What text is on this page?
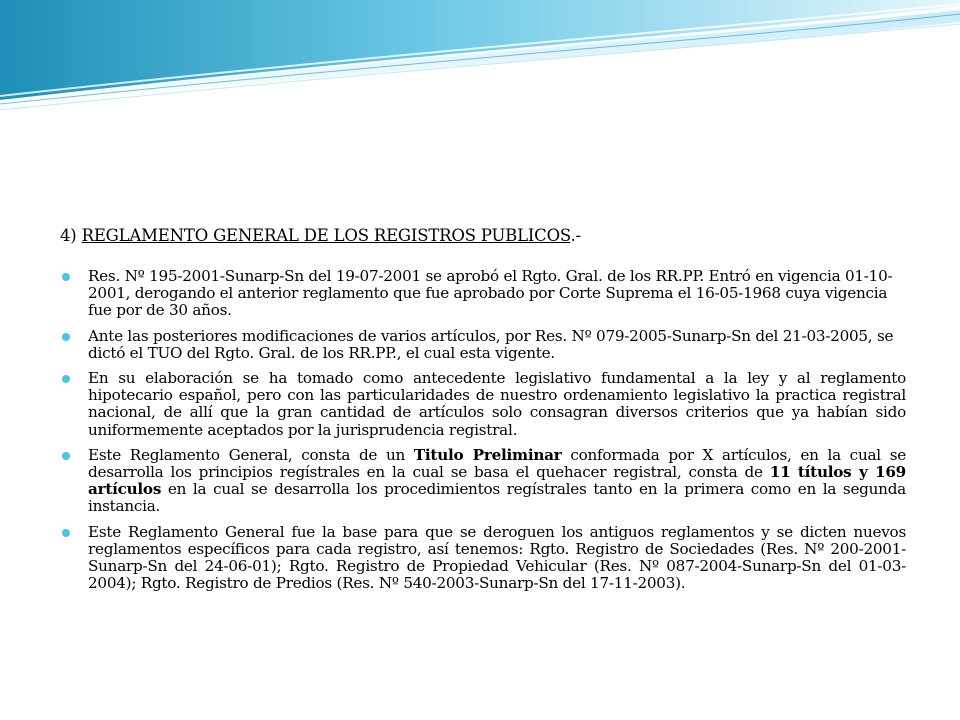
4) REGLAMENTO GENERAL DE LOS REGISTROS PUBLICOS.-
Res. Nº 195-2001-Sunarp-Sn del 19-07-2001 se aprobó el Rgto. Gral. de los RR.PP. Entró en vigencia 01-10-2001, derogando el anterior reglamento que fue aprobado por Corte Suprema el 16-05-1968 cuya vigencia fue por de 30 años.
Ante las posteriores modificaciones de varios artículos, por Res. Nº 079-2005-Sunarp-Sn del 21-03-2005, se dictó el TUO del Rgto. Gral. de los RR.PP., el cual esta vigente.
En su elaboración se ha tomado como antecedente legislativo fundamental a la ley y al reglamento hipotecario español, pero con las particularidades de nuestro ordenamiento legislativo la practica registral nacional, de allí que la gran cantidad de artículos solo consagran diversos criterios que ya habían sido uniformemente aceptados por la jurisprudencia registral.
Este Reglamento General, consta de un Titulo Preliminar conformada por X artículos, en la cual se desarrolla los principios regístrales en la cual se basa el quehacer registral, consta de 11 títulos y 169 artículos en la cual se desarrolla los procedimientos regístrales tanto en la primera como en la segunda instancia.
Este Reglamento General fue la base para que se deroguen los antiguos reglamentos y se dicten nuevos reglamentos específicos para cada registro, así tenemos: Rgto. Registro de Sociedades (Res. Nº 200-2001-Sunarp-Sn del 24-06-01); Rgto. Registro de Propiedad Vehicular (Res. Nº 087-2004-Sunarp-Sn del 01-03-2004); Rgto. Registro de Predios (Res. Nº 540-2003-Sunarp-Sn del 17-11-2003).
